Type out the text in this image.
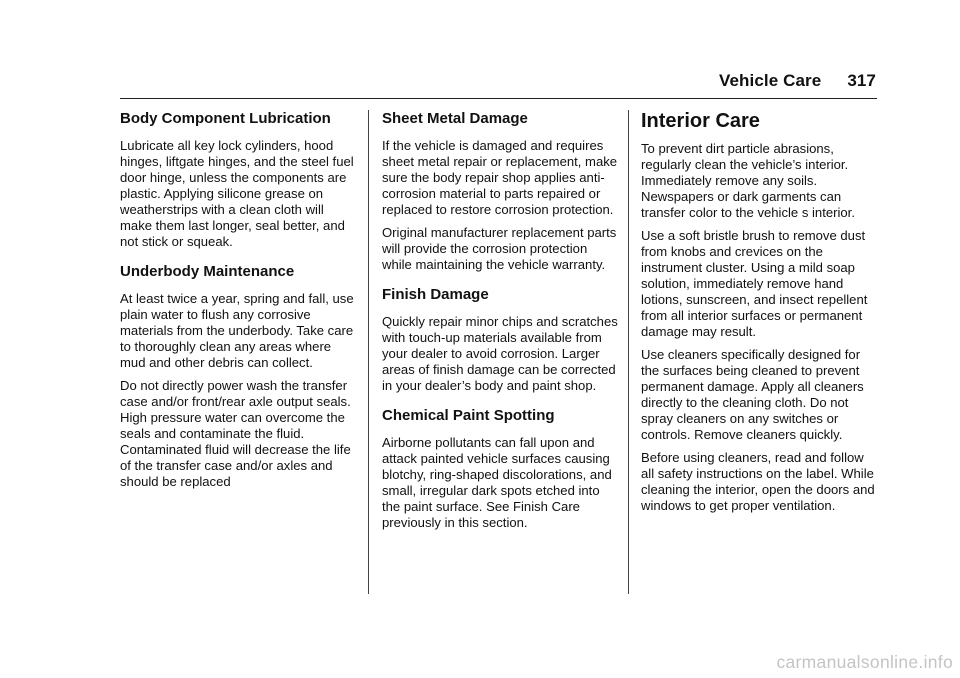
Vehicle Care 317
Body Component Lubrication

Lubricate all key lock cylinders, hood hinges, liftgate hinges, and the steel fuel door hinge, unless the components are plastic. Applying silicone grease on weatherstrips with a clean cloth will make them last longer, seal better, and not stick or squeak.

Underbody Maintenance

At least twice a year, spring and fall, use plain water to flush any corrosive materials from the underbody. Take care to thoroughly clean any areas where mud and other debris can collect.

Do not directly power wash the transfer case and/or front/rear axle output seals. High pressure water can overcome the seals and contaminate the fluid. Contaminated fluid will decrease the life of the transfer case and/or axles and should be replaced

Sheet Metal Damage

If the vehicle is damaged and requires sheet metal repair or replacement, make sure the body repair shop applies anti-corrosion material to parts repaired or replaced to restore corrosion protection.

Original manufacturer replacement parts will provide the corrosion protection while maintaining the vehicle warranty.

Finish Damage

Quickly repair minor chips and scratches with touch-up materials available from your dealer to avoid corrosion. Larger areas of finish damage can be corrected in your dealer’s body and paint shop.

Chemical Paint Spotting

Airborne pollutants can fall upon and attack painted vehicle surfaces causing blotchy, ring-shaped discolorations, and small, irregular dark spots etched into the paint surface. See Finish Care previously in this section.

Interior Care

To prevent dirt particle abrasions, regularly clean the vehicle’s interior. Immediately remove any soils. Newspapers or dark garments can transfer color to the vehicle s interior.

Use a soft bristle brush to remove dust from knobs and crevices on the instrument cluster. Using a mild soap solution, immediately remove hand lotions, sunscreen, and insect repellent from all interior surfaces or permanent damage may result.

Use cleaners specifically designed for the surfaces being cleaned to prevent permanent damage. Apply all cleaners directly to the cleaning cloth. Do not spray cleaners on any switches or controls. Remove cleaners quickly.

Before using cleaners, read and follow all safety instructions on the label. While cleaning the interior, open the doors and windows to get proper ventilation.

carmanualsonline.info
